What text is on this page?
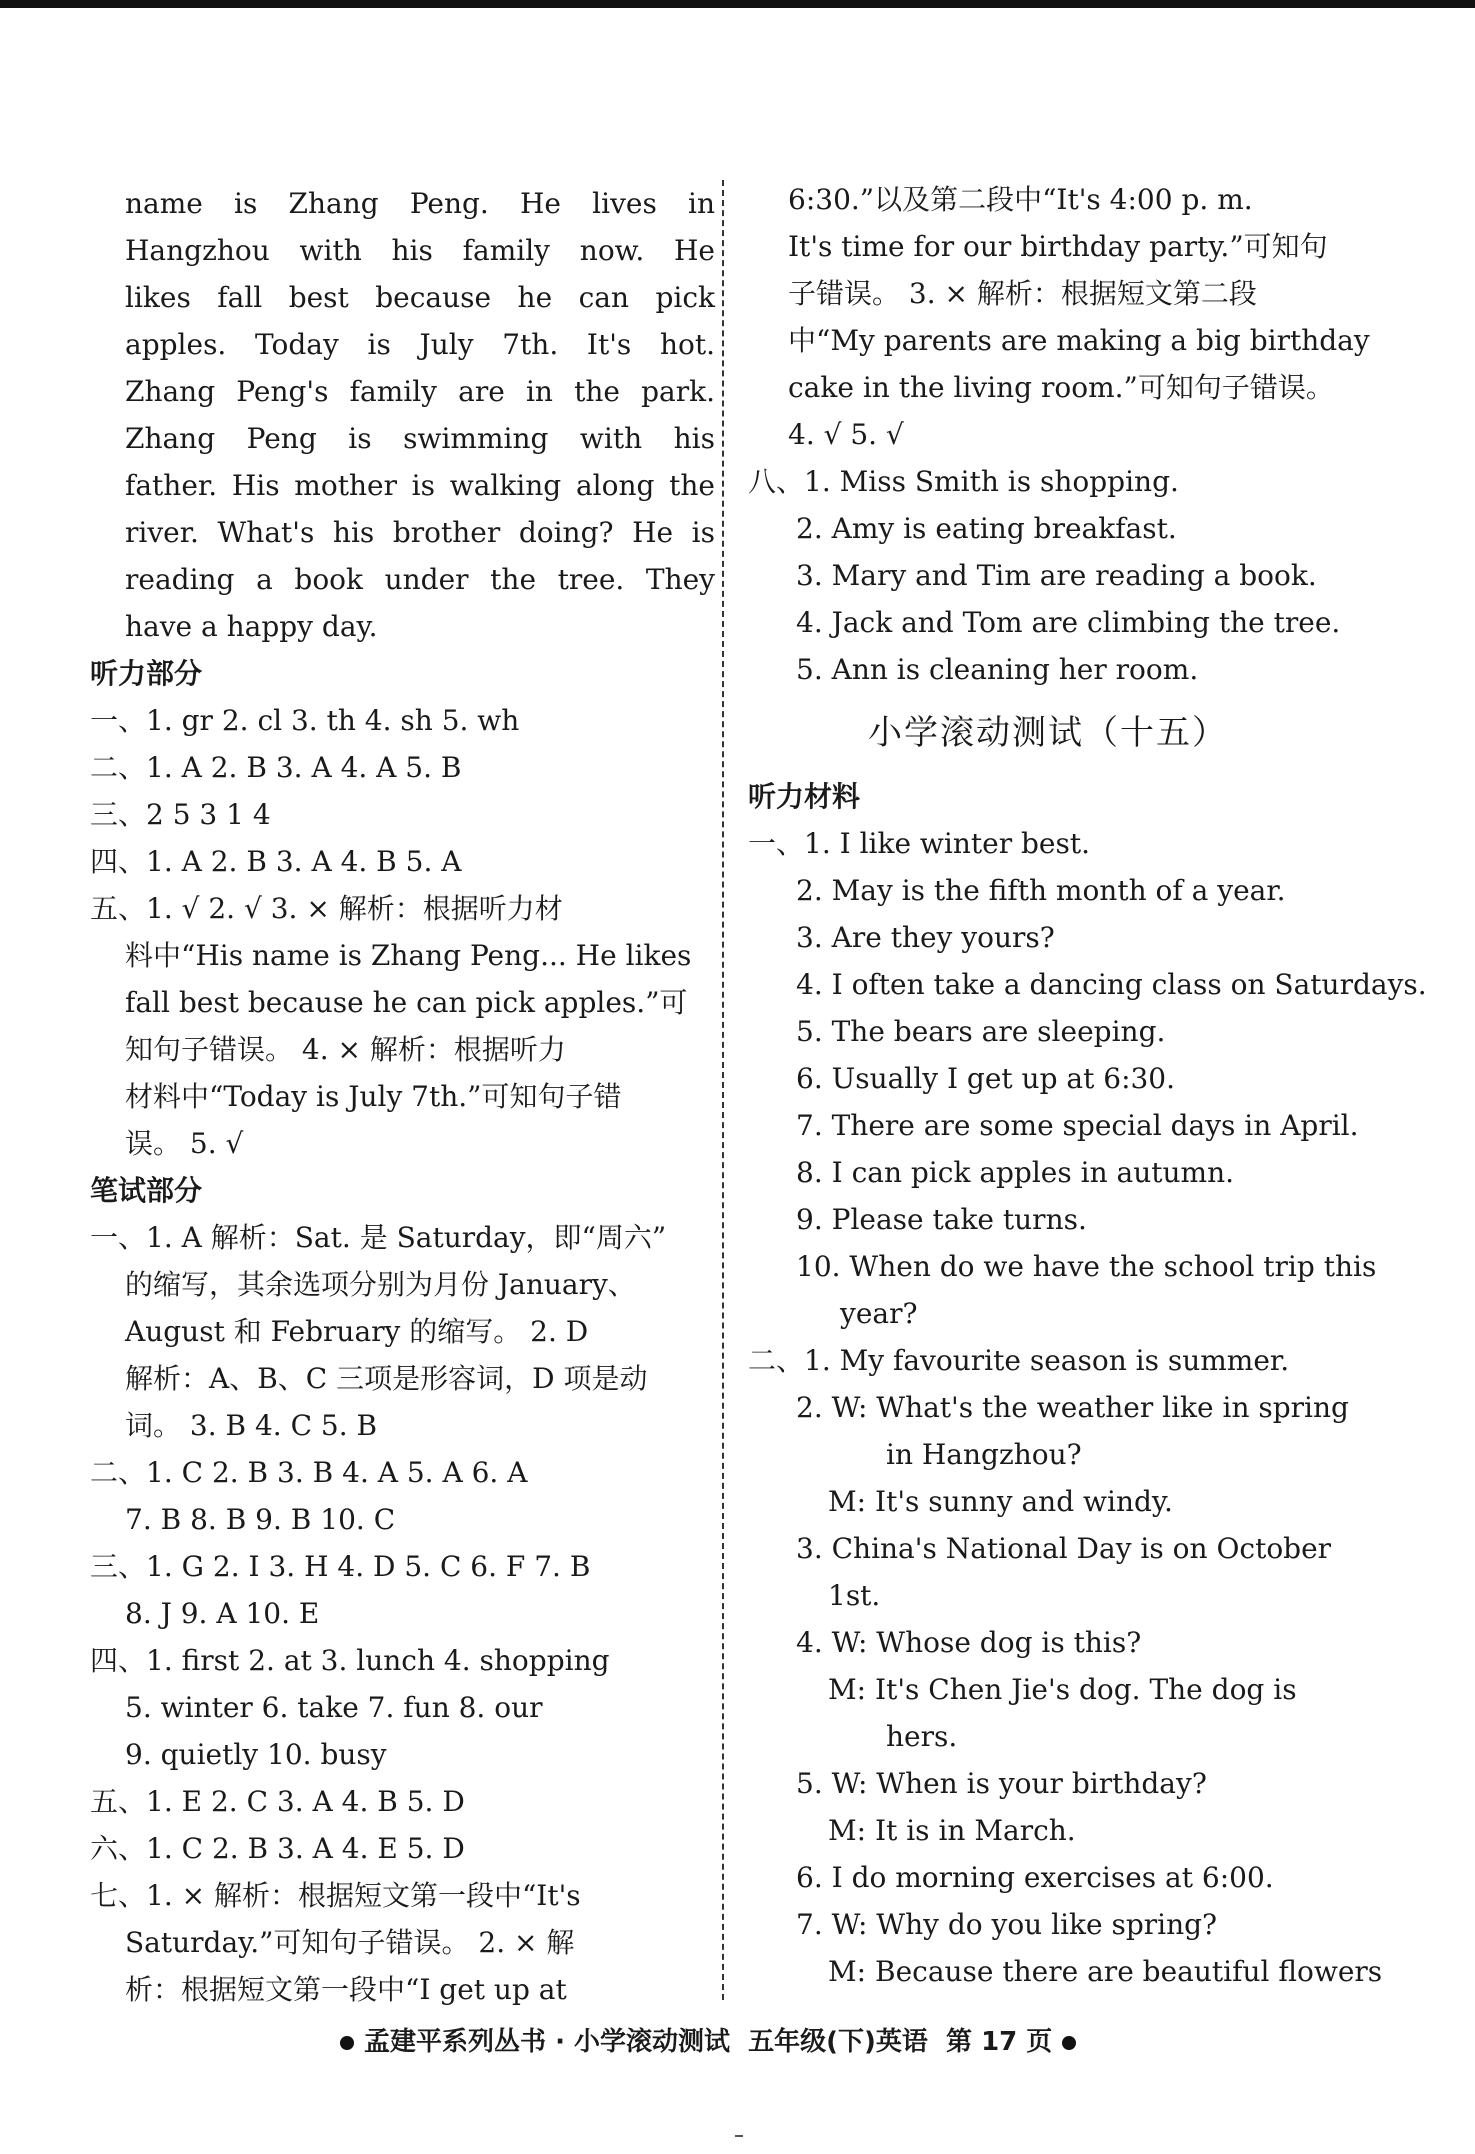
name is Zhang Peng. He lives in
Hangzhou with his family now. He
likes fall best because he can pick
apples. Today is July 7th. It's hot.
Zhang Peng's family are in the park.
Zhang Peng is swimming with his
father. His mother is walking along the
river. What's his brother doing? He is
reading a book under the tree. They
have a happy day.
听力部分
一、1. gr 2. cl 3. th 4. sh 5. wh
二、1. A 2. B 3. A 4. A 5. B
三、2 5 3 1 4
四、1. A 2. B 3. A 4. B 5. A
五、1. √ 2. √ 3. × 解析：根据听力材
料中“His name is Zhang Peng... He likes
fall best because he can pick apples.”可
知句子错误。 4. × 解析：根据听力
材料中“Today is July 7th.”可知句子错
误。 5. √
笔试部分
一、1. A 解析：Sat. 是 Saturday，即“周六”
的缩写，其余选项分别为月份 January、
August 和 February 的缩写。 2. D
解析：A、B、C 三项是形容词，D 项是动
词。 3. B 4. C 5. B
二、1. C 2. B 3. B 4. A 5. A 6. A
7. B 8. B 9. B 10. C
三、1. G 2. I 3. H 4. D 5. C 6. F 7. B
8. J 9. A 10. E
四、1. first 2. at 3. lunch 4. shopping
5. winter 6. take 7. fun 8. our
9. quietly 10. busy
五、1. E 2. C 3. A 4. B 5. D
六、1. C 2. B 3. A 4. E 5. D
七、1. × 解析：根据短文第一段中“It's
Saturday.”可知句子错误。 2. × 解
析：根据短文第一段中“I get up at
6:30.”以及第二段中“It's 4:00 p. m.
It's time for our birthday party.”可知句
子错误。 3. × 解析：根据短文第二段
中“My parents are making a big birthday
cake in the living room.”可知句子错误。
4. √ 5. √
八、1. Miss Smith is shopping.
2. Amy is eating breakfast.
3. Mary and Tim are reading a book.
4. Jack and Tom are climbing the tree.
5. Ann is cleaning her room.
小学滚动测试（十五）
听力材料
一、1. I like winter best.
2. May is the fifth month of a year.
3. Are they yours?
4. I often take a dancing class on Saturdays.
5. The bears are sleeping.
6. Usually I get up at 6:30.
7. There are some special days in April.
8. I can pick apples in autumn.
9. Please take turns.
10. When do we have the school trip this
year?
二、1. My favourite season is summer.
2. W: What's the weather like in spring
in Hangzhou?
M: It's sunny and windy.
3. China's National Day is on October
1st.
4. W: Whose dog is this?
M: It's Chen Jie's dog. The dog is
hers.
5. W: When is your birthday?
M: It is in March.
6. I do morning exercises at 6:00.
7. W: Why do you like spring?
M: Because there are beautiful flowers
孟建平系列丛书 · 小学滚动测试 五年级(下)英语 第 17 页
